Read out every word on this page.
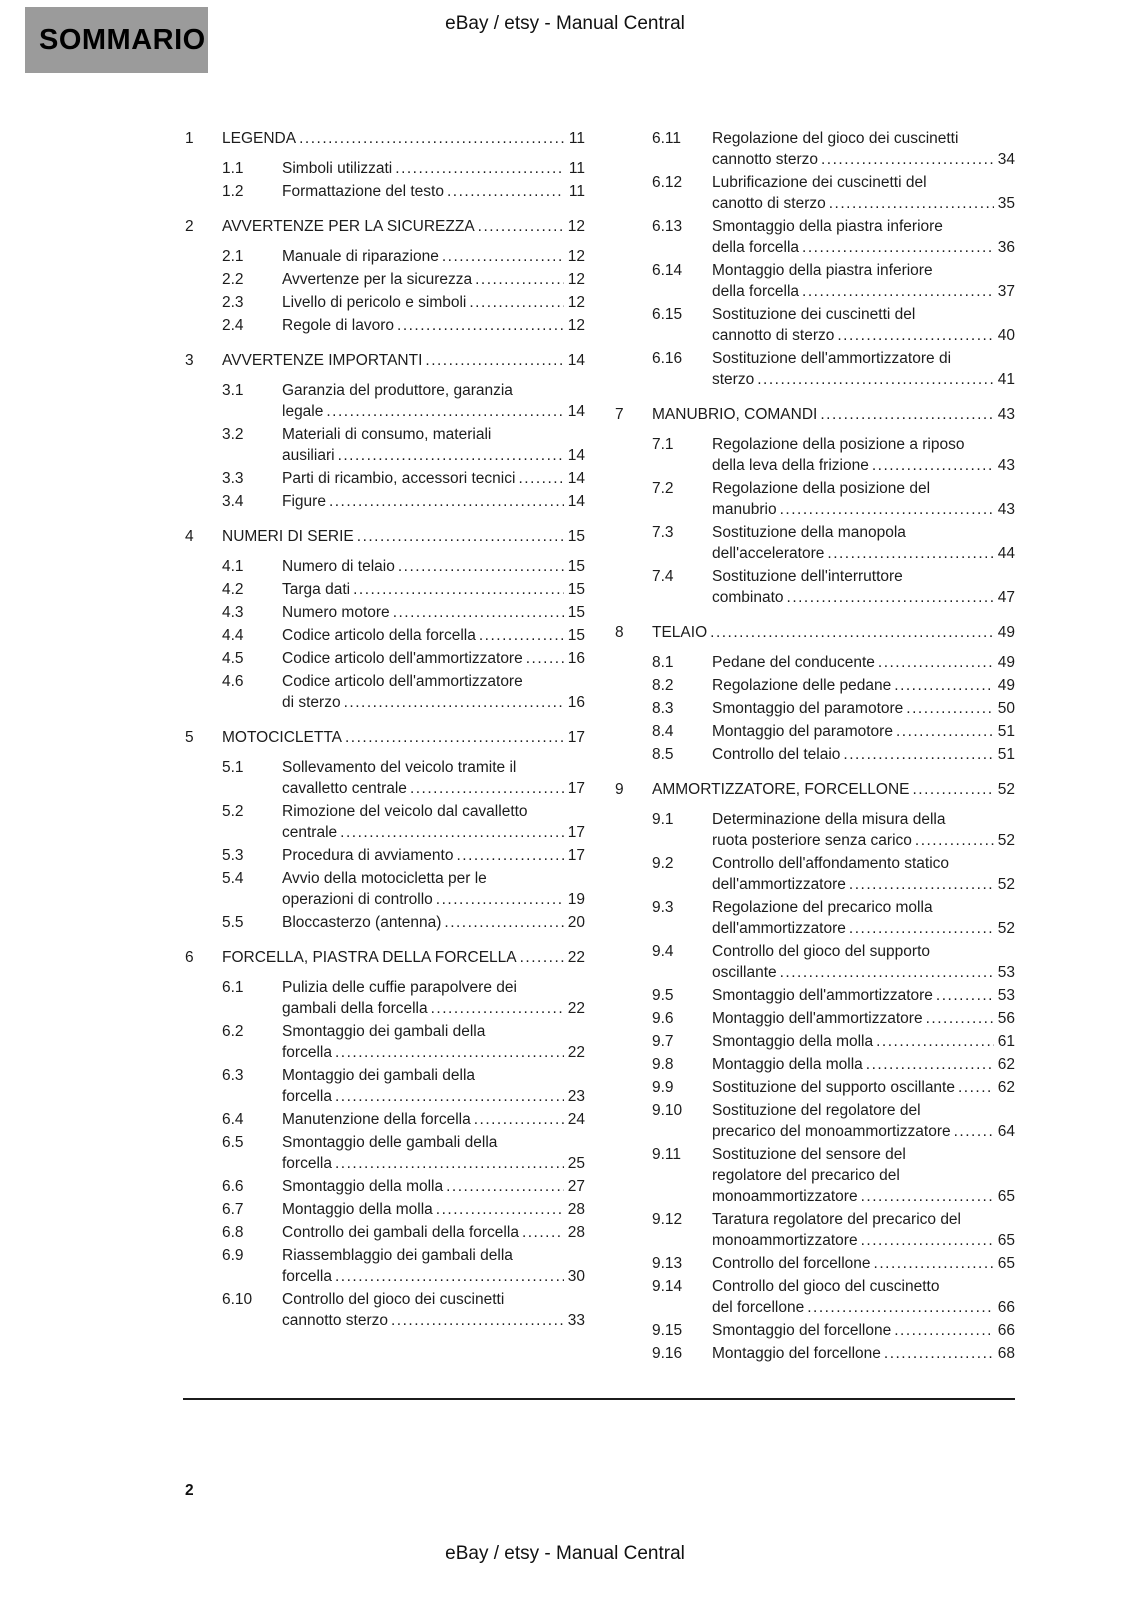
SOMMARIO	eBay / etsy - Manual Central
1	LEGENDA .....	11
1.1	Simboli utilizzati .....	11
1.2	Formattazione del testo .....	11
2	AVVERTENZE PER LA SICUREZZA .....	12
2.1	Manuale di riparazione .....	12
2.2	Avvertenze per la sicurezza .....	12
2.3	Livello di pericolo e simboli .....	12
2.4	Regole di lavoro .....	12
3	AVVERTENZE IMPORTANTI .....	14
3.1	Garanzia del produttore, garanzia
legale .....	14
3.2	Materiali di consumo, materiali
ausiliari .....	14
3.3	Parti di ricambio, accessori tecnici .....	14
3.4	Figure .....	14
4	NUMERI DI SERIE .....	15
4.1	Numero di telaio .....	15
4.2	Targa dati .....	15
4.3	Numero motore .....	15
4.4	Codice articolo della forcella .....	15
4.5	Codice articolo dell'ammortizzatore .....	16
4.6	Codice articolo dell'ammortizzatore
di sterzo .....	16
5	MOTOCICLETTA .....	17
5.1	Sollevamento del veicolo tramite il
cavalletto centrale .....	17
5.2	Rimozione del veicolo dal cavalletto
centrale .....	17
5.3	Procedura di avviamento .....	17
5.4	Avvio della motocicletta per le
operazioni di controllo .....	19
5.5	Bloccasterzo (antenna) .....	20
6	FORCELLA, PIASTRA DELLA FORCELLA .....	22
6.1	Pulizia delle cuffie parapolvere dei
gambali della forcella .....	22
6.2	Smontaggio dei gambali della
forcella .....	22
6.3	Montaggio dei gambali della
forcella .....	23
6.4	Manutenzione della forcella .....	24
6.5	Smontaggio delle gambali della
forcella .....	25
6.6	Smontaggio della molla .....	27
6.7	Montaggio della molla .....	28
6.8	Controllo dei gambali della forcella .....	28
6.9	Riassemblaggio dei gambali della
forcella .....	30
6.10	Controllo del gioco dei cuscinetti
cannotto sterzo .....	33
6.11	Regolazione del gioco dei cuscinetti
cannotto sterzo .....	34
6.12	Lubrificazione dei cuscinetti del
canotto di sterzo .....	35
6.13	Smontaggio della piastra inferiore
della forcella .....	36
6.14	Montaggio della piastra inferiore
della forcella .....	37
6.15	Sostituzione dei cuscinetti del
cannotto di sterzo .....	40
6.16	Sostituzione dell'ammortizzatore di
sterzo .....	41
7	MANUBRIO, COMANDI .....	43
7.1	Regolazione della posizione a riposo
della leva della frizione .....	43
7.2	Regolazione della posizione del
manubrio .....	43
7.3	Sostituzione della manopola
dell'acceleratore .....	44
7.4	Sostituzione dell'interruttore
combinato .....	47
8	TELAIO .....	49
8.1	Pedane del conducente .....	49
8.2	Regolazione delle pedane .....	49
8.3	Smontaggio del paramotore .....	50
8.4	Montaggio del paramotore .....	51
8.5	Controllo del telaio .....	51
9	AMMORTIZZATORE, FORCELLONE .....	52
9.1	Determinazione della misura della
ruota posteriore senza carico .....	52
9.2	Controllo dell'affondamento statico
dell'ammortizzatore .....	52
9.3	Regolazione del precarico molla
dell'ammortizzatore .....	52
9.4	Controllo del gioco del supporto
oscillante .....	53
9.5	Smontaggio dell'ammortizzatore .....	53
9.6	Montaggio dell'ammortizzatore .....	56
9.7	Smontaggio della molla .....	61
9.8	Montaggio della molla .....	62
9.9	Sostituzione del supporto oscillante .....	62
9.10	Sostituzione del regolatore del
precarico del monoammortizzatore .....	64
9.11	Sostituzione del sensore del
regolatore del precarico del
monoammortizzatore .....	65
9.12	Taratura regolatore del precarico del
monoammortizzatore .....	65
9.13	Controllo del forcellone .....	65
9.14	Controllo del gioco del cuscinetto
del forcellone .....	66
9.15	Smontaggio del forcellone .....	66
9.16	Montaggio del forcellone .....	68
2
eBay / etsy - Manual Central
